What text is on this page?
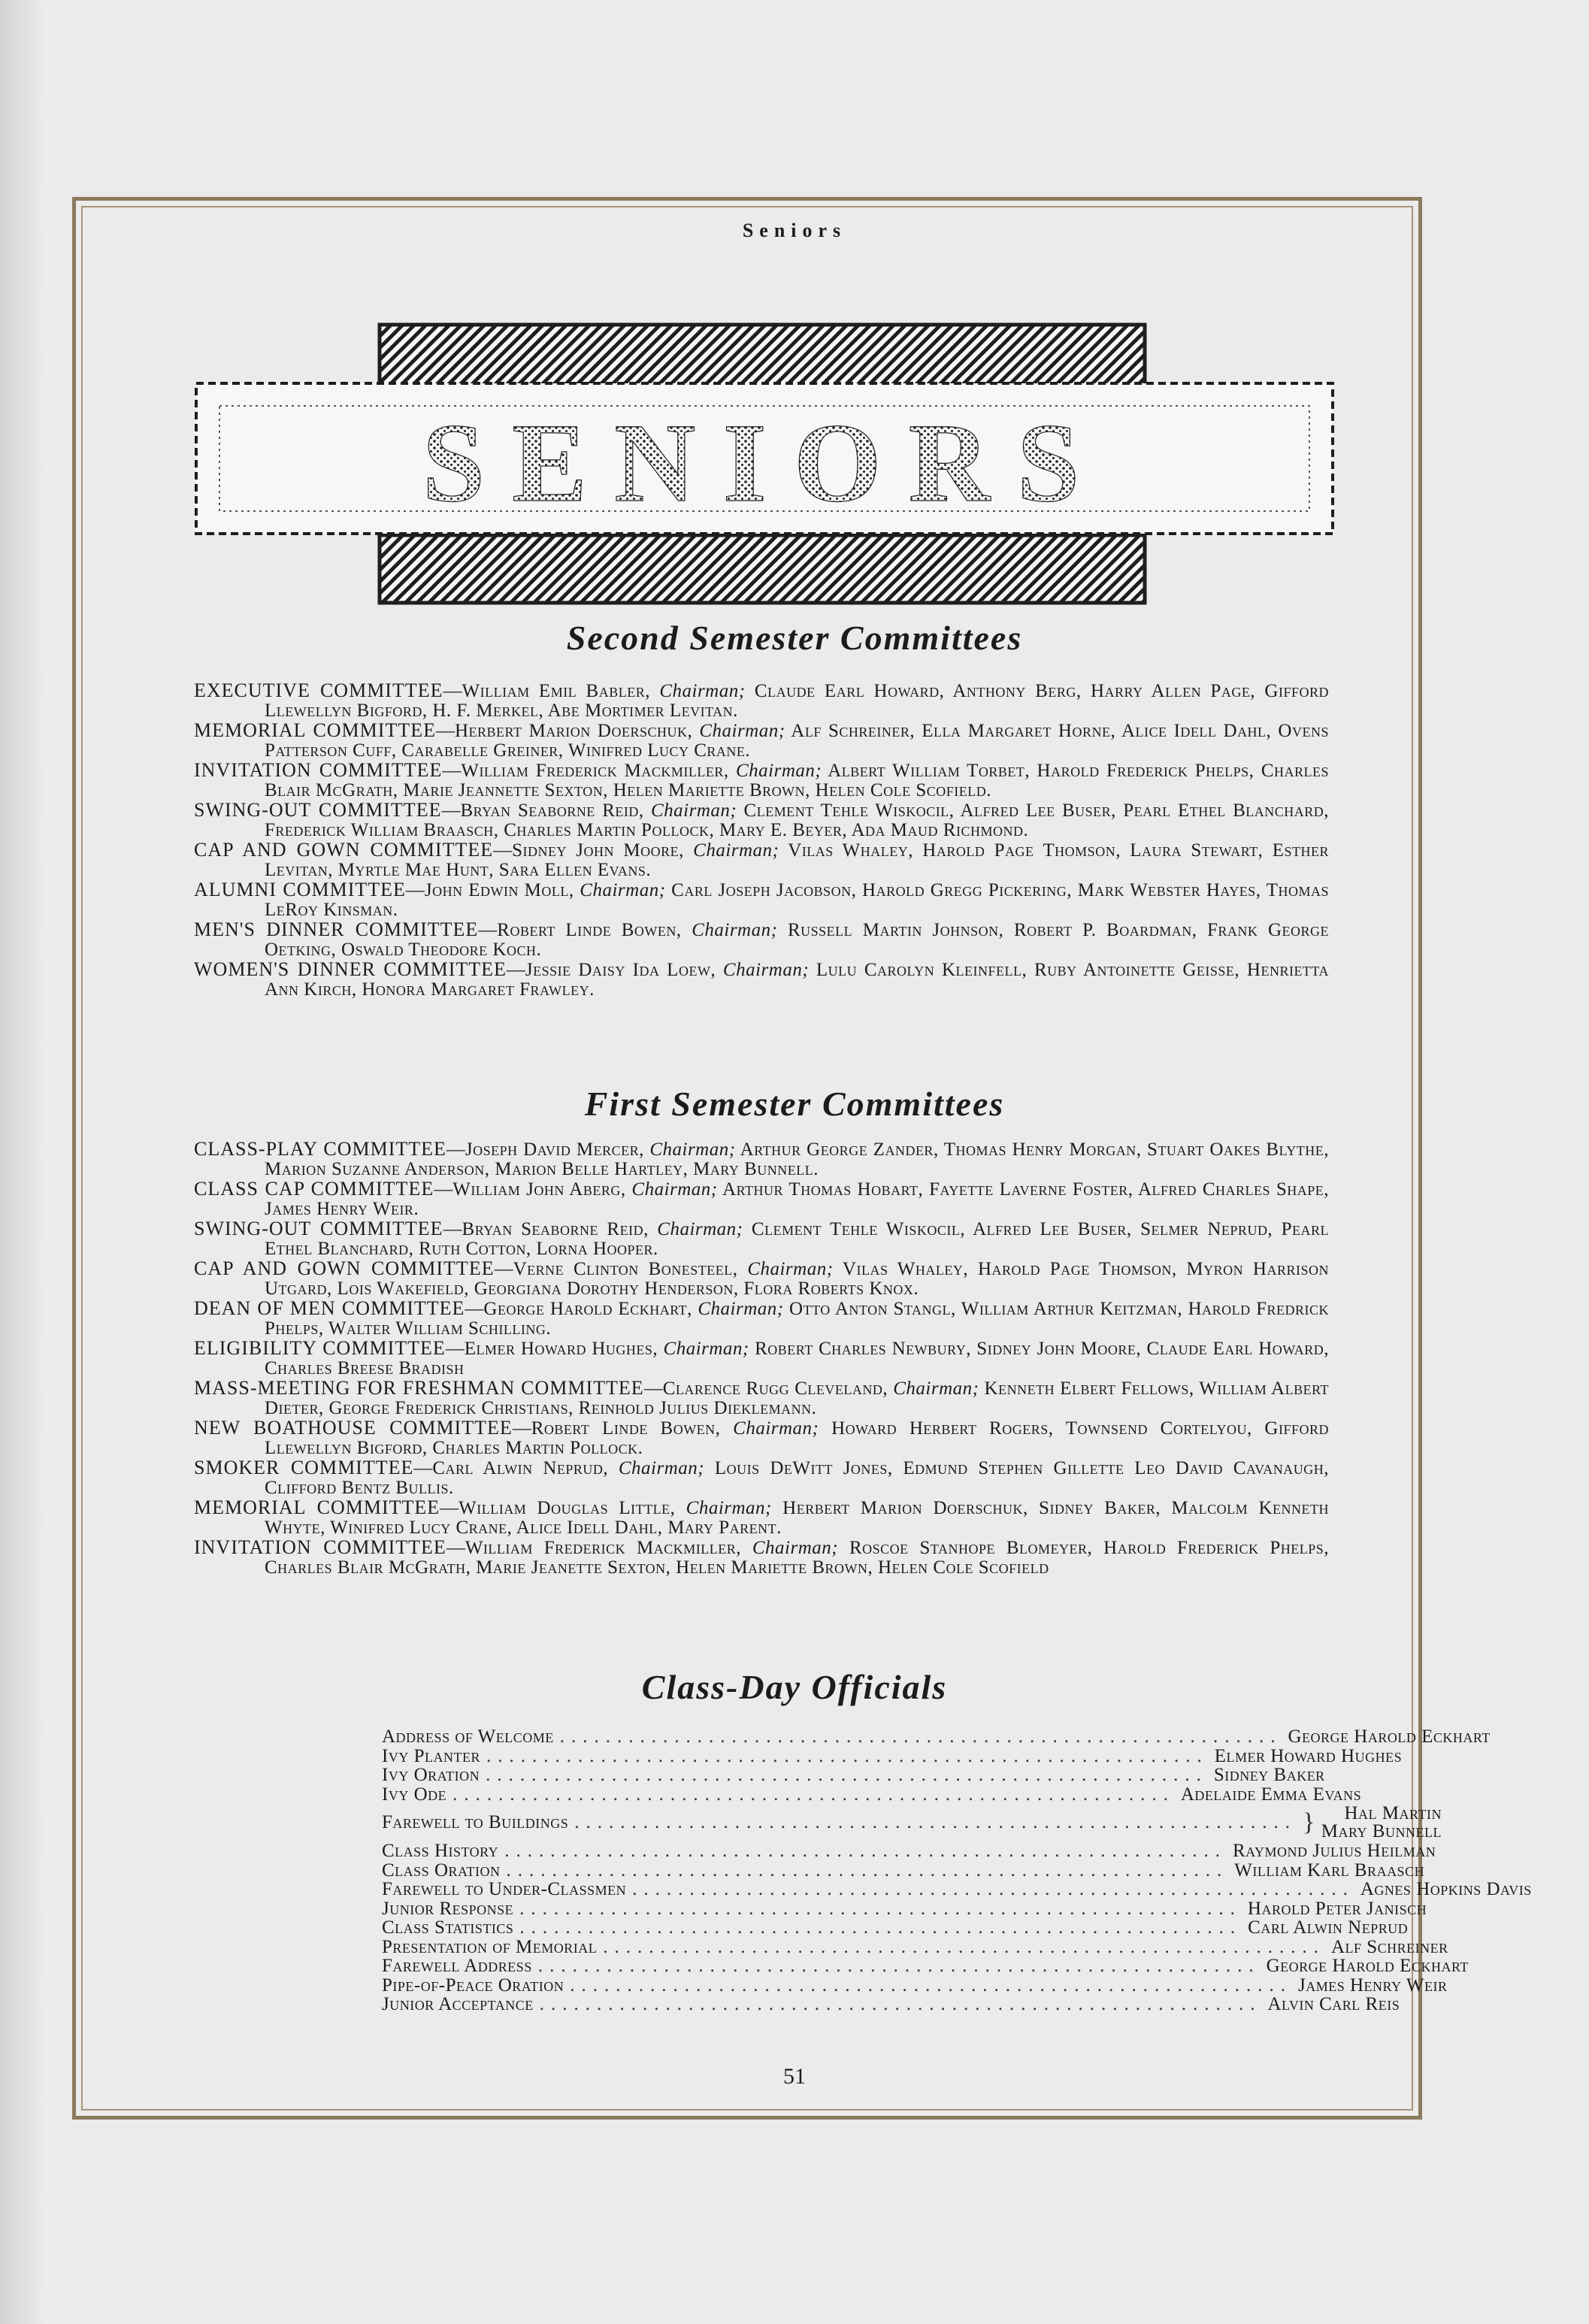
Seniors
SENIORS
Second Semester Committees

EXECUTIVE COMMITTEE—William Emil Babler, Chairman; Claude Earl Howard, Anthony Berg, Harry Allen Page, Gifford Llewellyn Bigford, H. F. Merkel, Abe Mortimer Levitan.

MEMORIAL COMMITTEE—Herbert Marion Doerschuk, Chairman; Alf Schreiner, Ella Margaret Horne, Alice Idell Dahl, Ovens Patterson Cuff, Carabelle Greiner, Winifred Lucy Crane.

INVITATION COMMITTEE—William Frederick Mackmiller, Chairman; Albert William Torbet, Harold Frederick Phelps, Charles Blair McGrath, Marie Jeannette Sexton, Helen Mariette Brown, Helen Cole Scofield.

SWING-OUT COMMITTEE—Bryan Seaborne Reid, Chairman; Clement Tehle Wiskocil, Alfred Lee Buser, Pearl Ethel Blanchard, Frederick William Braasch, Charles Martin Pollock, Mary E. Beyer, Ada Maud Richmond.

CAP AND GOWN COMMITTEE—Sidney John Moore, Chairman; Vilas Whaley, Harold Page Thomson, Laura Stewart, Esther Levitan, Myrtle Mae Hunt, Sara Ellen Evans.

ALUMNI COMMITTEE—John Edwin Moll, Chairman; Carl Joseph Jacobson, Harold Gregg Pickering, Mark Webster Hayes, Thomas LeRoy Kinsman.

MEN'S DINNER COMMITTEE—Robert Linde Bowen, Chairman; Russell Martin Johnson, Robert P. Boardman, Frank George Oetking, Oswald Theodore Koch.

WOMEN'S DINNER COMMITTEE—Jessie Daisy Ida Loew, Chairman; Lulu Carolyn Kleinfell, Ruby Antoinette Geisse, Henrietta Ann Kirch, Honora Margaret Frawley.

First Semester Committees

CLASS-PLAY COMMITTEE—Joseph David Mercer, Chairman; Arthur George Zander, Thomas Henry Morgan, Stuart Oakes Blythe, Marion Suzanne Anderson, Marion Belle Hartley, Mary Bunnell.

CLASS CAP COMMITTEE—William John Aberg, Chairman; Arthur Thomas Hobart, Fayette Laverne Foster, Alfred Charles Shape, James Henry Weir.

SWING-OUT COMMITTEE—Bryan Seaborne Reid, Chairman; Clement Tehle Wiskocil, Alfred Lee Buser, Selmer Neprud, Pearl Ethel Blanchard, Ruth Cotton, Lorna Hooper.

CAP AND GOWN COMMITTEE—Verne Clinton Bonesteel, Chairman; Vilas Whaley, Harold Page Thomson, Myron Harrison Utgard, Lois Wakefield, Georgiana Dorothy Henderson, Flora Roberts Knox.

DEAN OF MEN COMMITTEE—George Harold Eckhart, Chairman; Otto Anton Stangl, William Arthur Keitzman, Harold Fredrick Phelps, Walter William Schilling.

ELIGIBILITY COMMITTEE—Elmer Howard Hughes, Chairman; Robert Charles Newbury, Sidney John Moore, Claude Earl Howard, Charles Breese Bradish

MASS-MEETING FOR FRESHMAN COMMITTEE—Clarence Rugg Cleveland, Chairman; Kenneth Elbert Fellows, William Albert Dieter, George Frederick Christians, Reinhold Julius Dieklemann.

NEW BOATHOUSE COMMITTEE—Robert Linde Bowen, Chairman; Howard Herbert Rogers, Townsend Cortelyou, Gifford Llewellyn Bigford, Charles Martin Pollock.

SMOKER COMMITTEE—Carl Alwin Neprud, Chairman; Louis DeWitt Jones, Edmund Stephen Gillette Leo David Cavanaugh, Clifford Bentz Bullis.

MEMORIAL COMMITTEE—William Douglas Little, Chairman; Herbert Marion Doerschuk, Sidney Baker, Malcolm Kenneth Whyte, Winifred Lucy Crane, Alice Idell Dahl, Mary Parent.

INVITATION COMMITTEE—William Frederick Mackmiller, Chairman; Roscoe Stanhope Blomeyer, Harold Frederick Phelps, Charles Blair McGrath, Marie Jeanette Sexton, Helen Mariette Brown, Helen Cole Scofield

Class-Day Officials
Address of Welcome ............................................................... George Harold Eckhart
Ivy Planter ............................................................... Elmer Howard Hughes
Ivy Oration ............................................................... Sidney Baker
Ivy Ode ............................................................... Adelaide Emma Evans
Farewell to Buildings ............................................................... }	Hal Martin
Mary Bunnell
Class History ............................................................... Raymond Julius Heilman
Class Oration ............................................................... William Karl Braasch
Farewell to Under-Classmen ............................................................... Agnes Hopkins Davis
Junior Response ............................................................... Harold Peter Janisch
Class Statistics ............................................................... Carl Alwin Neprud
Presentation of Memorial ............................................................... Alf Schreiner
Farewell Address ............................................................... George Harold Eckhart
Pipe-of-Peace Oration ............................................................... James Henry Weir
Junior Acceptance ............................................................... Alvin Carl Reis
51
